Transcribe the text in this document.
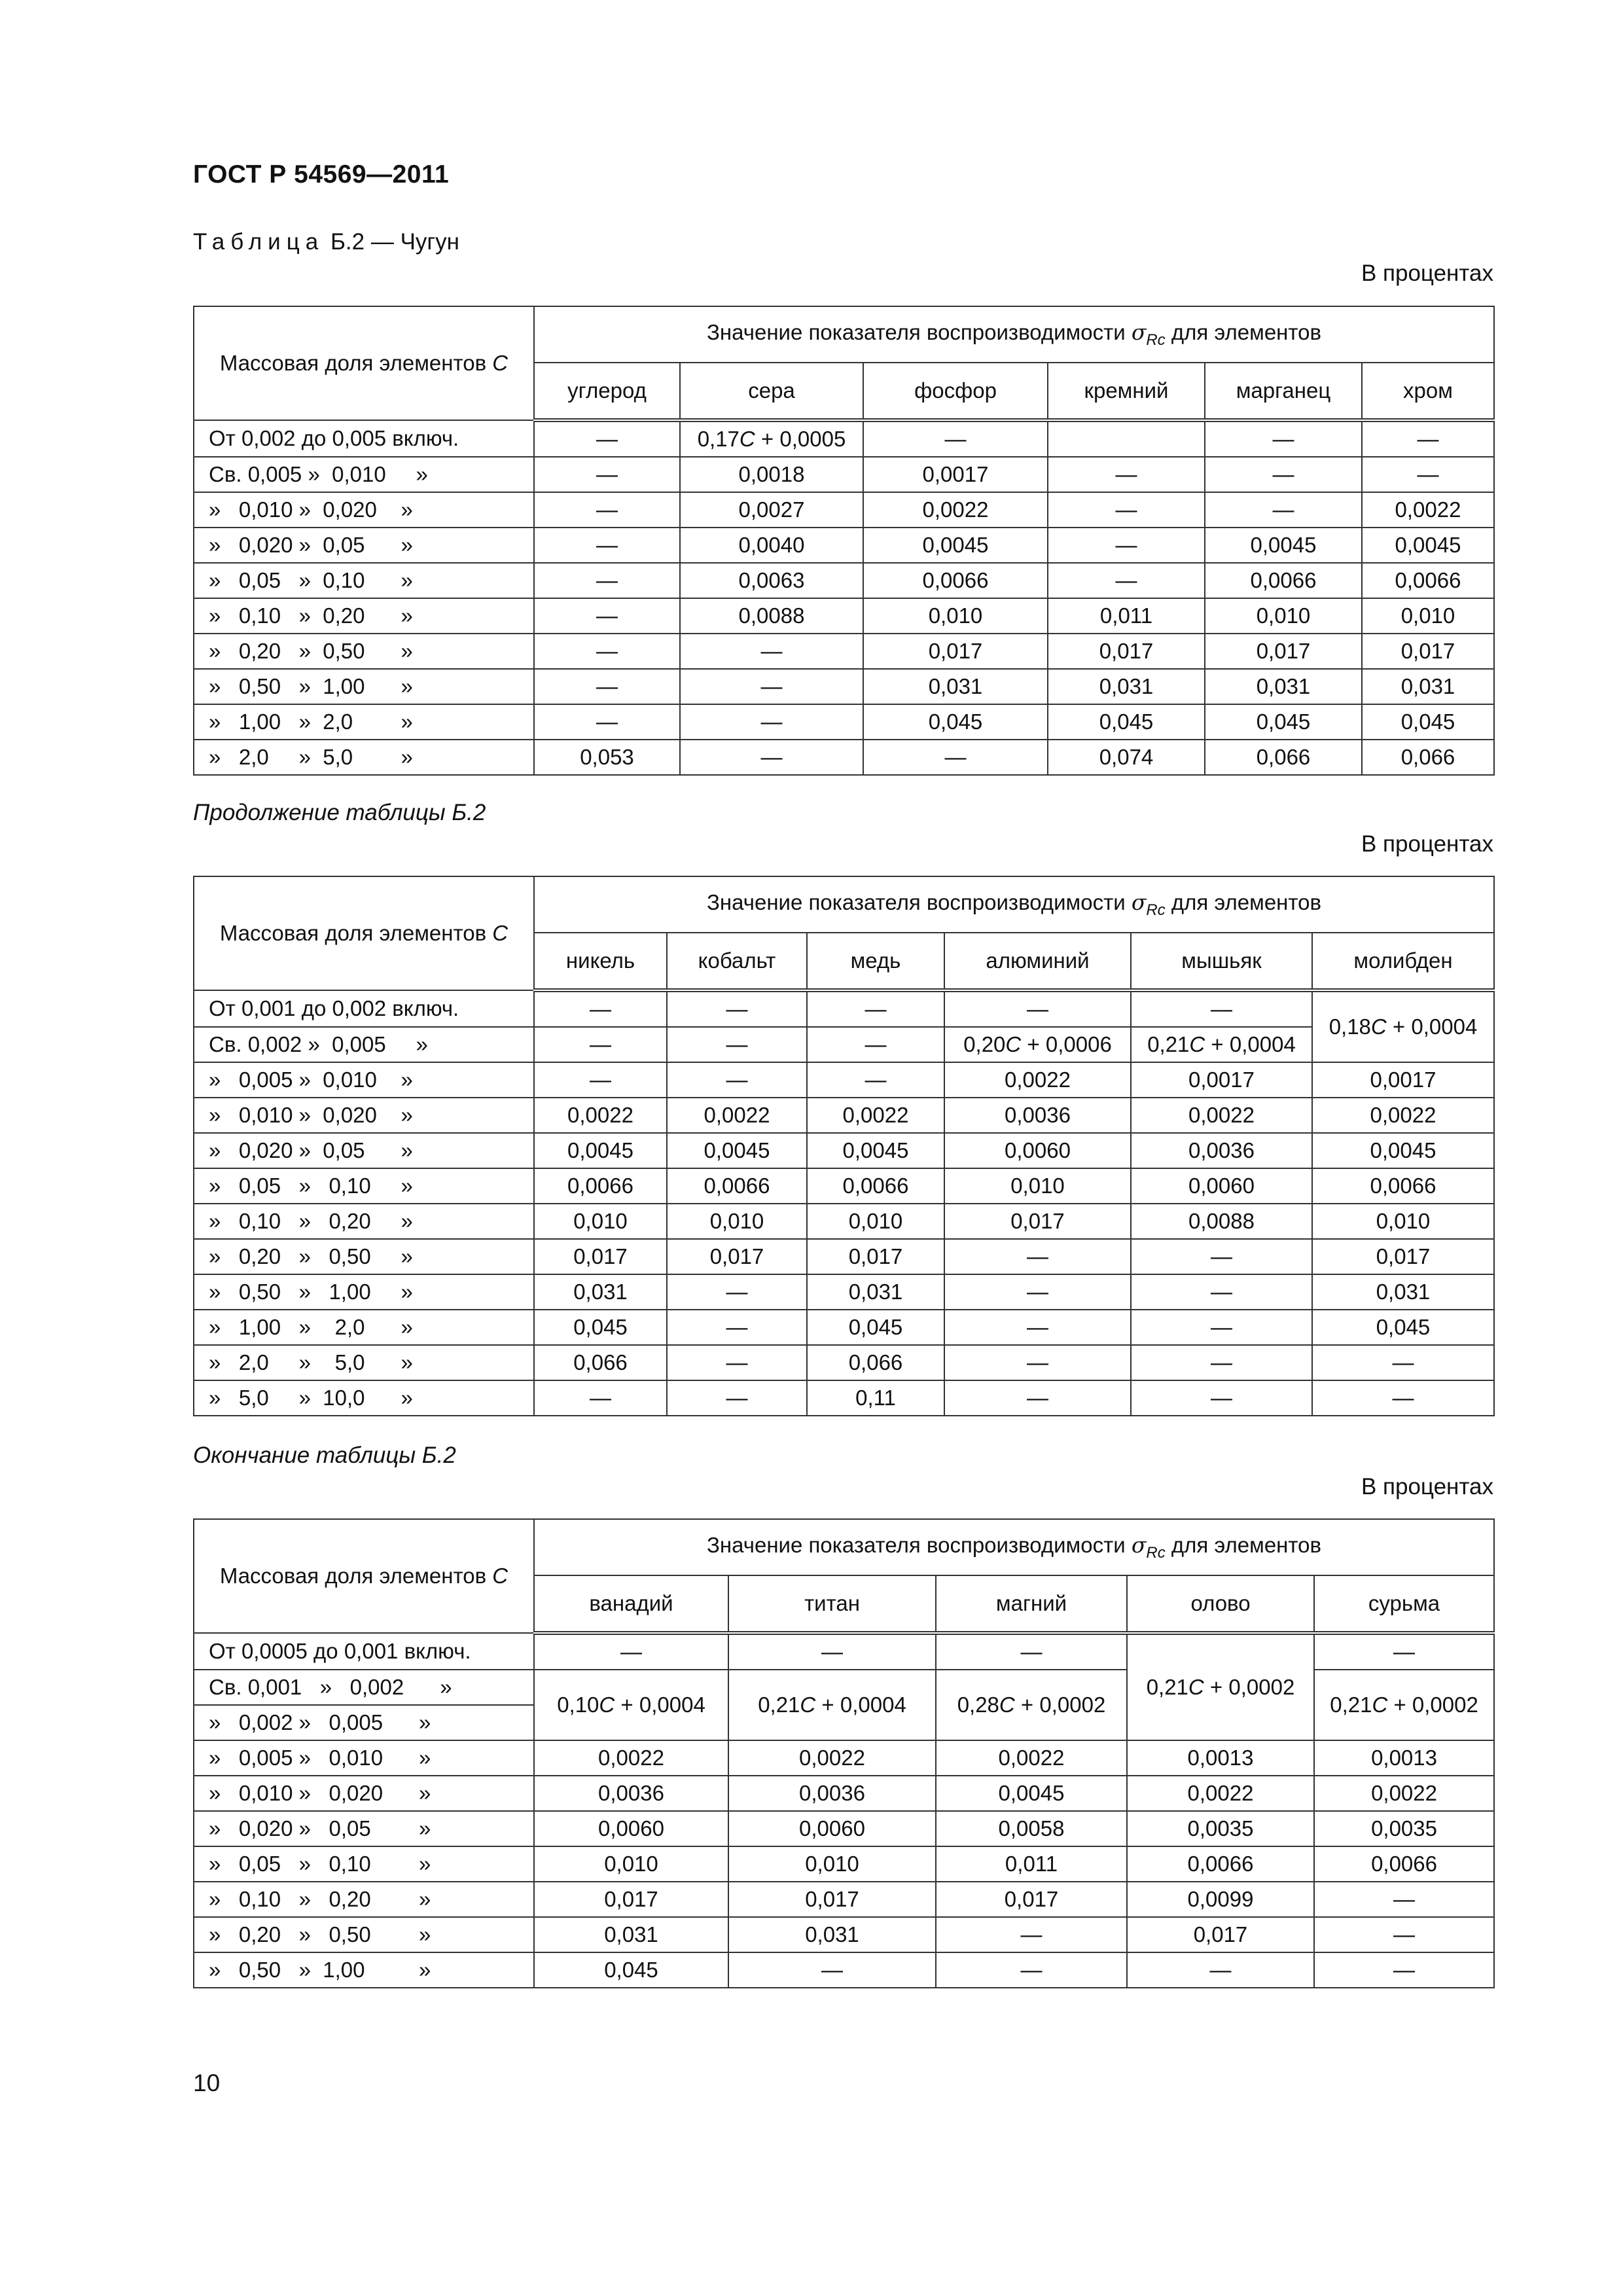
ГОСТ Р 54569—2011
Таблица Б.2 — Чугун
В процентах
Массовая доля элементов C	Значение показателя воспроизводимости $\sigma_{Rc}$ для элементов					
	углерод	сера	фосфор	кремний	марганец	хром
От 0,002 до 0,005 включ.	—	0,17C + 0,0005	—		—	—
Св. 0,005 »  0,010     »	—	0,0018	0,0017	—	—	—
»   0,010 »  0,020    »	—	0,0027	0,0022	—	—	0,0022
»   0,020 »  0,05      »	—	0,0040	0,0045	—	0,0045	0,0045
»   0,05   »  0,10      »	—	0,0063	0,0066	—	0,0066	0,0066
»   0,10   »  0,20      »	—	0,0088	0,010	0,011	0,010	0,010
»   0,20   »  0,50      »	—	—	0,017	0,017	0,017	0,017
»   0,50   »  1,00      »	—	—	0,031	0,031	0,031	0,031
»   1,00   »  2,0        »	—	—	0,045	0,045	0,045	0,045
»   2,0     »  5,0        »	0,053	—	—	0,074	0,066	0,066
Продолжение таблицы Б.2
В процентах
Массовая доля элементов C	Значение показателя воспроизводимости $\sigma_{Rc}$ для элементов					
	никель	кобальт	медь	алюминий	мышьяк	молибден
От 0,001 до 0,002 включ.	—	—	—	—	—	0,18C + 0,0004
Св. 0,002 »  0,005     »	—	—	—	0,20C + 0,0006	0,21C + 0,0004	
»   0,005 »  0,010    »	—	—	—	0,0022	0,0017	0,0017
»   0,010 »  0,020    »	0,0022	0,0022	0,0022	0,0036	0,0022	0,0022
»   0,020 »  0,05      »	0,0045	0,0045	0,0045	0,0060	0,0036	0,0045
»   0,05   »   0,10     »	0,0066	0,0066	0,0066	0,010	0,0060	0,0066
»   0,10   »   0,20     »	0,010	0,010	0,010	0,017	0,0088	0,010
»   0,20   »   0,50     »	0,017	0,017	0,017	—	—	0,017
»   0,50   »   1,00     »	0,031	—	0,031	—	—	0,031
»   1,00   »    2,0      »	0,045	—	0,045	—	—	0,045
»   2,0     »    5,0      »	0,066	—	0,066	—	—	—
»   5,0     »  10,0      »	—	—	0,11	—	—	—
Окончание таблицы Б.2
В процентах
Массовая доля элементов C	Значение показателя воспроизводимости $\sigma_{Rc}$ для элементов				
	ванадий	титан	магний	олово	сурьма
От 0,0005 до 0,001 включ.	—	—	—	0,21C + 0,0002	—
Св. 0,001   »   0,002      »	0,10C + 0,0004	0,21C + 0,0004	0,28C + 0,0002		0,21C + 0,0002
»   0,002 »   0,005      »					
»   0,005 »   0,010      »	0,0022	0,0022	0,0022	0,0013	0,0013
»   0,010 »   0,020      »	0,0036	0,0036	0,0045	0,0022	0,0022
»   0,020 »   0,05        »	0,0060	0,0060	0,0058	0,0035	0,0035
»   0,05   »   0,10        »	0,010	0,010	0,011	0,0066	0,0066
»   0,10   »   0,20        »	0,017	0,017	0,017	0,0099	—
»   0,20   »   0,50        »	0,031	0,031	—	0,017	—
»   0,50   »  1,00         »	0,045	—	—	—	—
10
